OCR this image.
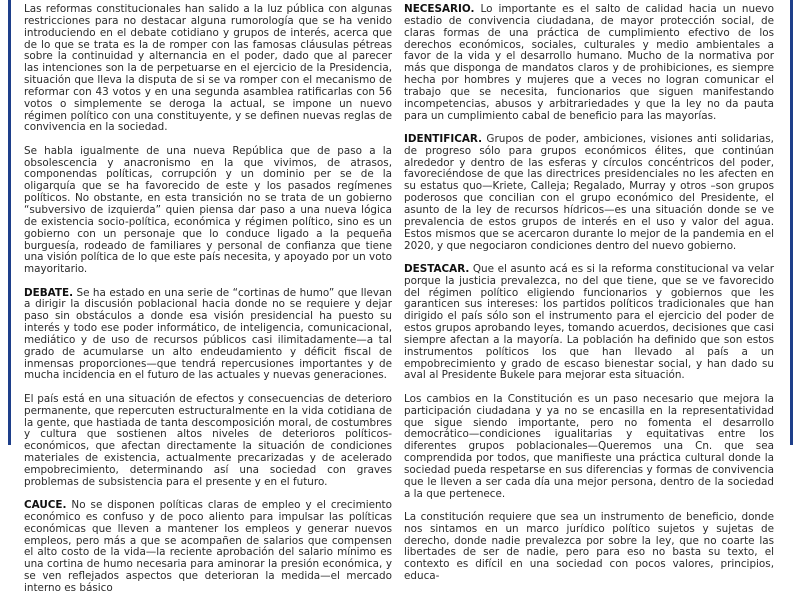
Las reformas constitucionales han salido a la luz pública con algunas restricciones para no destacar alguna rumorología que se ha venido introduciendo en el debate cotidiano y grupos de interés, acerca que de lo que se trata es la de romper con las famosas cláusulas pétreas sobre la continuidad y alternancia en el poder, dado que al parecer las intenciones son la de perpetuarse en el ejercicio de la Presidencia, situación que lleva la disputa de si se va romper con el mecanismo de reformar con 43 votos y en una segunda asamblea ratificarlas con 56 votos o simplemente se deroga la actual, se impone un nuevo régimen político con una constituyente, y se definen nuevas reglas de convivencia en la sociedad.

Se habla igualmente de una nueva República que de paso a la obsolescencia y anacronismo en la que vivimos, de atrasos, componendas políticas, corrupción y un dominio per se de la oligarquía que se ha favorecido de este y los pasados regímenes políticos. No obstante, en esta transición no se trata de un gobierno “subversivo de izquierda” quien piensa dar paso a una nueva lógica de existencia socio-política, económica y régimen político, sino es un gobierno con un personaje que lo conduce ligado a la pequeña burguesía, rodeado de familiares y personal de confianza que tiene una visión política de lo que este país necesita, y apoyado por un voto mayoritario.

DEBATE. Se ha estado en una serie de “cortinas de humo” que llevan a dirigir la discusión poblacional hacia donde no se requiere y dejar paso sin obstáculos a donde esa visión presidencial ha puesto su interés y todo ese poder informático, de inteligencia, comunicacional, mediático y de uso de recursos públicos casi ilimitadamente—a tal grado de acumularse un alto endeudamiento y déficit fiscal de inmensas proporciones—que tendrá repercusiones importantes y de mucha incidencia en el futuro de las actuales y nuevas generaciones.

El país está en una situación de efectos y consecuencias de deterioro permanente, que repercuten estructuralmente en la vida cotidiana de la gente, que hastiada de tanta descomposición moral, de costumbres y cultura que sostienen altos niveles de deterioros políticos-económicos, que afectan directamente la situación de condiciones materiales de existencia, actualmente precarizadas y de acelerado empobrecimiento, determinando así una sociedad con graves problemas de subsistencia para el presente y en el futuro.

CAUCE. No se disponen políticas claras de empleo y el crecimiento económico es confuso y de poco aliento para impulsar las políticas económicas que lleven a mantener los empleos y generar nuevos empleos, pero más a que se acompañen de salarios que compensen el alto costo de la vida—la reciente aprobación del salario mínimo es una cortina de humo necesaria para aminorar la presión económica, y se ven reflejados aspectos que deterioran la medida—el mercado interno es básico

NECESARIO. Lo importante es el salto de calidad hacia un nuevo estadio de convivencia ciudadana, de mayor protección social, de claras formas de una práctica de cumplimiento efectivo de los derechos económicos, sociales, culturales y medio ambientales a favor de la vida y el desarrollo humano. Mucho de la normativa por más que disponga de mandatos claros y de prohibiciones, es siempre hecha por hombres y mujeres que a veces no logran comunicar el trabajo que se necesita, funcionarios que siguen manifestando incompetencias, abusos y arbitrariedades y que la ley no da pauta para un cumplimiento cabal de beneficio para las mayorías.

IDENTIFICAR. Grupos de poder, ambiciones, visiones anti solidarias, de progreso sólo para grupos económicos élites, que continúan alrededor y dentro de las esferas y círculos concéntricos del poder, favoreciéndose de que las directrices presidenciales no les afecten en su estatus quo—Kriete, Calleja; Regalado, Murray y otros –son grupos poderosos que concilian con el grupo económico del Presidente, el asunto de la ley de recursos hídricos—es una situación donde se ve prevalencia de estos grupos de interés en el uso y valor del agua. Estos mismos que se acercaron durante lo mejor de la pandemia en el 2020, y que negociaron condiciones dentro del nuevo gobierno.

DESTACAR. Que el asunto acá es si la reforma constitucional va velar porque la justicia prevalezca, no del que tiene, que se ve favorecido del régimen político eligiendo funcionarios y gobiernos que les garanticen sus intereses: los partidos políticos tradicionales que han dirigido el país sólo son el instrumento para el ejercicio del poder de estos grupos aprobando leyes, tomando acuerdos, decisiones que casi siempre afectan a la mayoría. La población ha definido que son estos instrumentos políticos los que han llevado al país a un empobrecimiento y grado de escaso bienestar social, y han dado su aval al Presidente Bukele para mejorar esta situación.

Los cambios en la Constitución es un paso necesario que mejora la participación ciudadana y ya no se encasilla en la representatividad que sigue siendo importante, pero no fomenta el desarrollo democrático—condiciones igualitarias y equitativas entre los diferentes grupos poblacionales—Queremos una Cn. que sea comprendida por todos, que manifieste una práctica cultural donde la sociedad pueda respetarse en sus diferencias y formas de convivencia que le lleven a ser cada día una mejor persona, dentro de la sociedad a la que pertenece.

La constitución requiere que sea un instrumento de beneficio, donde nos sintamos en un marco jurídico político sujetos y sujetas de derecho, donde nadie prevalezca por sobre la ley, que no coarte las libertades de ser de nadie, pero para eso no basta su texto, el contexto es difícil en una sociedad con pocos valores, principios, educa-
